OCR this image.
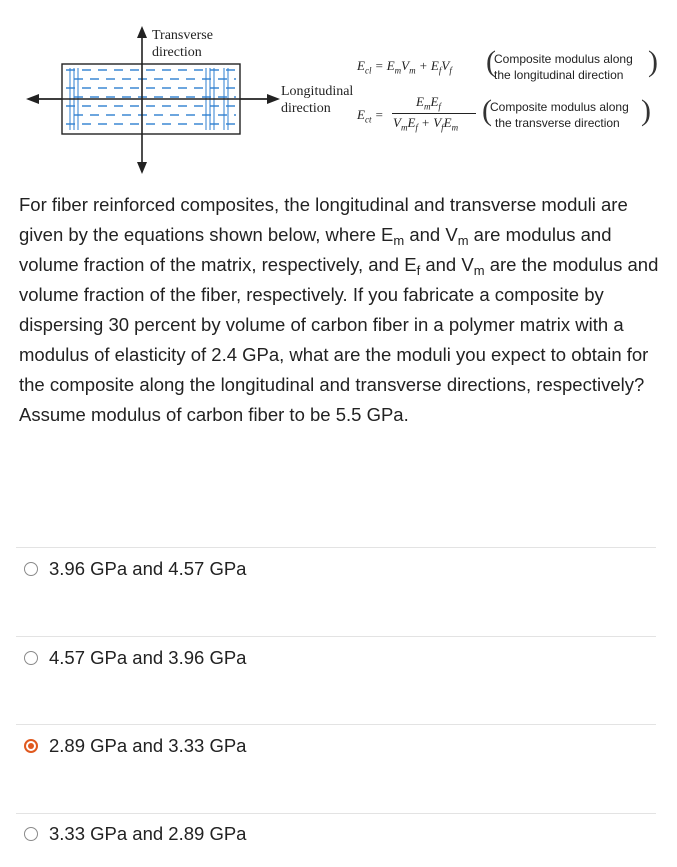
Transverse
direction
Longitudinal
direction
$E_{cl} = E_mV_m + E_fV_f$ (
Composite modulus along
the longitudinal direction )
$E_{ct}$ =
$E_mE_f$
$V_mE_f + V_fE_m$
(
Composite modulus along
the transverse direction )
For fiber reinforced composites, the longitudinal and transverse moduli are given by the equations shown below, where $E_m$ and $V_m$ are modulus and volume fraction of the matrix, respectively, and $E_f$ and $V_m$ are the modulus and volume fraction of the fiber, respectively. If you fabricate a composite by dispersing 30 percent by volume of carbon fiber in a polymer matrix with a modulus of elasticity of 2.4 GPa, what are the moduli you expect to obtain for the composite along the longitudinal and transverse directions, respectively? Assume modulus of carbon fiber to be 5.5 GPa.
3.96 GPa and 4.57 GPa
4.57 GPa and 3.96 GPa
2.89 GPa and 3.33 GPa
3.33 GPa and 2.89 GPa
